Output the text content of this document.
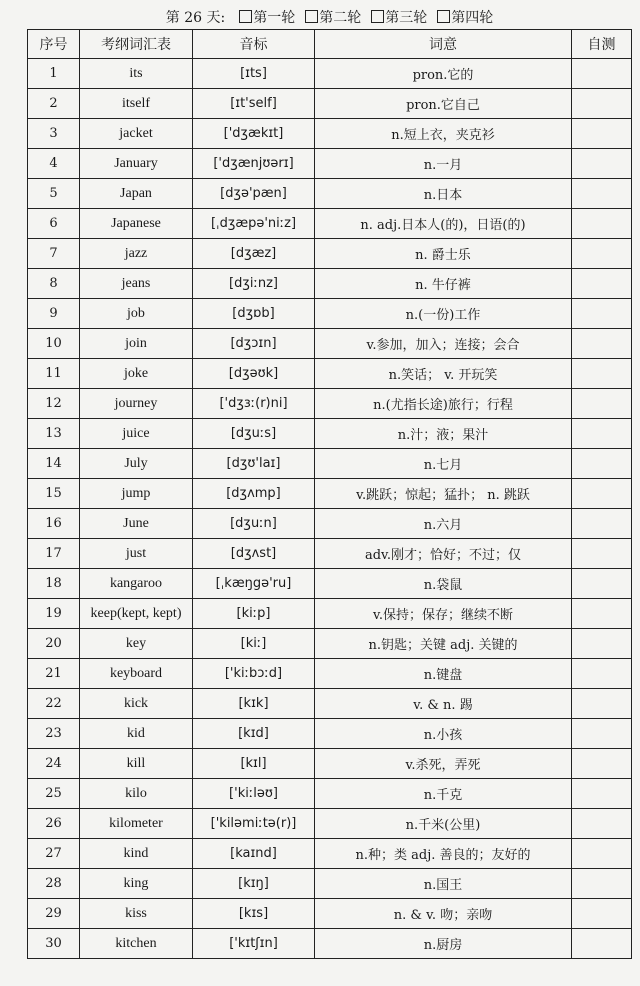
第 26 天: 第一轮 第二轮 第三轮 第四轮				
序号	考纲词汇表	音标	词意	自测
1	its	[ɪts]	pron.它的	
2	itself	[ɪt'self]	pron.它自己	
3	jacket	['dʒækɪt]	n.短上衣，夹克衫	
4	January	['dʒænjʊərɪ]	n.一月	
5	Japan	[dʒə'pæn]	n.日本	
6	Japanese	[ˌdʒæpə'niːz]	n. adj.日本人(的)，日语(的)	
7	jazz	[dʒæz]	n. 爵士乐	
8	jeans	[dʒiːnz]	n. 牛仔裤	
9	job	[dʒɒb]	n.(一份)工作	
10	join	[dʒɔɪn]	v.参加，加入；连接；会合	
11	joke	[dʒəʊk]	n.笑话； v. 开玩笑	
12	journey	['dʒɜː(r)ni]	n.(尤指长途)旅行；行程	
13	juice	[dʒuːs]	n.汁；液；果汁	
14	July	[dʒʊ'laɪ]	n.七月	
15	jump	[dʒʌmp]	v.跳跃；惊起；猛扑； n. 跳跃	
16	June	[dʒuːn]	n.六月	
17	just	[dʒʌst]	adv.刚才；恰好；不过；仅	
18	kangaroo	[ˌkæŋgə'ru]	n.袋鼠	
19	keep(kept, kept)	[kiːp]	v.保持；保存；继续不断	
20	key	[kiː]	n.钥匙；关键 adj. 关键的	
21	keyboard	['kiːbɔːd]	n.键盘	
22	kick	[kɪk]	v. & n. 踢	
23	kid	[kɪd]	n.小孩	
24	kill	[kɪl]	v.杀死，弄死	
25	kilo	['kiːləʊ]	n.千克	
26	kilometer	['kiləmiːtə(r)]	n.千米(公里)	
27	kind	[kaɪnd]	n.种；类 adj. 善良的；友好的	
28	king	[kɪŋ]	n.国王	
29	kiss	[kɪs]	n. & v. 吻；亲吻	
30	kitchen	['kɪtʃɪn]	n.厨房	
